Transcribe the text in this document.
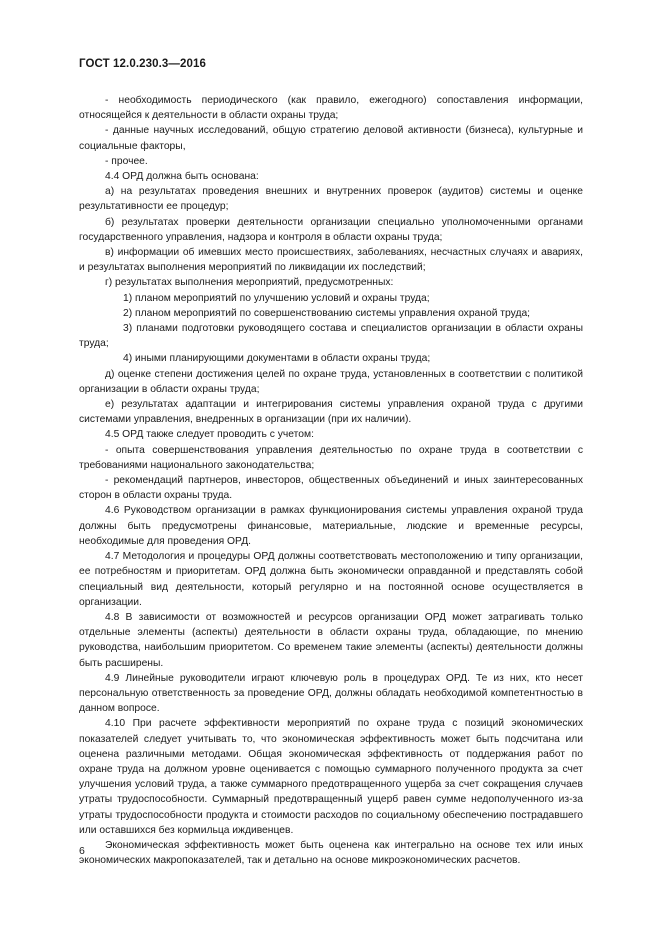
ГОСТ 12.0.230.3—2016

- необходимость периодического (как правило, ежегодного) сопоставления информации, относящейся к деятельности в области охраны труда;

- данные научных исследований, общую стратегию деловой активности (бизнеса), культурные и социальные факторы,

- прочее.

4.4 ОРД должна быть основана:

а) на результатах проведения внешних и внутренних проверок (аудитов) системы и оценке результативности ее процедур;

б) результатах проверки деятельности организации специально уполномоченными органами государственного управления, надзора и контроля в области охраны труда;

в) информации об имевших место происшествиях, заболеваниях, несчастных случаях и авариях, и результатах выполнения мероприятий по ликвидации их последствий;

г) результатах выполнения мероприятий, предусмотренных:

1) планом мероприятий по улучшению условий и охраны труда;

2) планом мероприятий по совершенствованию системы управления охраной труда;

3) планами подготовки руководящего состава и специалистов организации в области охраны труда;

4) иными планирующими документами в области охраны труда;

д) оценке степени достижения целей по охране труда, установленных в соответствии с политикой организации в области охраны труда;

е) результатах адаптации и интегрирования системы управления охраной труда с другими системами управления, внедренных в организации (при их наличии).

4.5 ОРД также следует проводить с учетом:

- опыта совершенствования управления деятельностью по охране труда в соответствии с требованиями национального законодательства;

- рекомендаций партнеров, инвесторов, общественных объединений и иных заинтересованных сторон в области охраны труда.

4.6 Руководством организации в рамках функционирования системы управления охраной труда должны быть предусмотрены финансовые, материальные, людские и временные ресурсы, необходимые для проведения ОРД.

4.7 Методология и процедуры ОРД должны соответствовать местоположению и типу организации, ее потребностям и приоритетам. ОРД должна быть экономически оправданной и представлять собой специальный вид деятельности, который регулярно и на постоянной основе осуществляется в организации.

4.8 В зависимости от возможностей и ресурсов организации ОРД может затрагивать только отдельные элементы (аспекты) деятельности в области охраны труда, обладающие, по мнению руководства, наибольшим приоритетом. Со временем такие элементы (аспекты) деятельности должны быть расширены.

4.9 Линейные руководители играют ключевую роль в процедурах ОРД. Те из них, кто несет персональную ответственность за проведение ОРД, должны обладать необходимой компетентностью в данном вопросе.

4.10 При расчете эффективности мероприятий по охране труда с позиций экономических показателей следует учитывать то, что экономическая эффективность может быть подсчитана или оценена различными методами. Общая экономическая эффективность от поддержания работ по охране труда на должном уровне оценивается с помощью суммарного полученного продукта за счет улучшения условий труда, а также суммарного предотвращенного ущерба за счет сокращения случаев утраты трудоспособности. Суммарный предотвращенный ущерб равен сумме недополученного из-за утраты трудоспособности продукта и стоимости расходов по социальному обеспечению пострадавшего или оставшихся без кормильца иждивенцев.

Экономическая эффективность может быть оценена как интегрально на основе тех или иных экономических макропоказателей, так и детально на основе микроэкономических расчетов.

6
